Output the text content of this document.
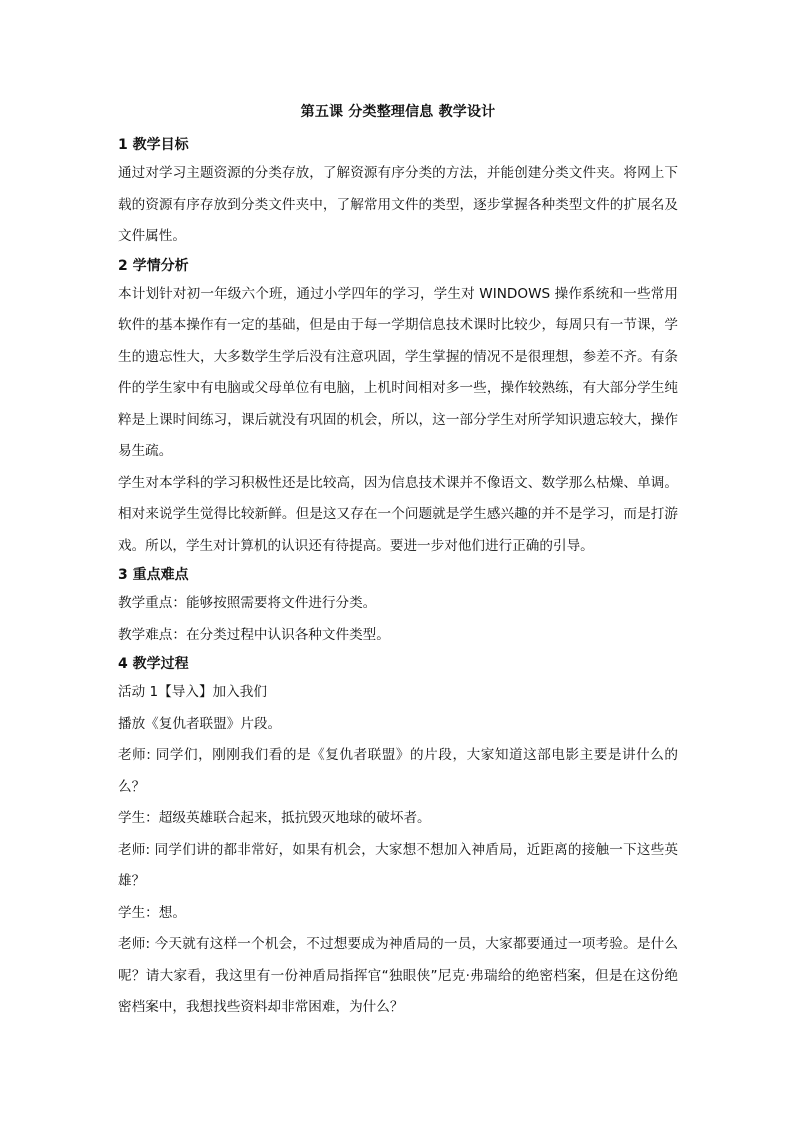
第五课 分类整理信息 教学设计
1 教学目标

通过对学习主题资源的分类存放，了解资源有序分类的方法，并能创建分类文件夹。将网上下载的资源有序存放到分类文件夹中，了解常用文件的类型，逐步掌握各种类型文件的扩展名及文件属性。

2 学情分析

本计划针对初一年级六个班，通过小学四年的学习，学生对 WINDOWS 操作系统和一些常用软件的基本操作有一定的基础，但是由于每一学期信息技术课时比较少，每周只有一节课，学生的遗忘性大，大多数学生学后没有注意巩固，学生掌握的情况不是很理想，参差不齐。有条件的学生家中有电脑或父母单位有电脑，上机时间相对多一些，操作较熟练，有大部分学生纯粹是上课时间练习，课后就没有巩固的机会，所以，这一部分学生对所学知识遗忘较大，操作易生疏。

学生对本学科的学习积极性还是比较高，因为信息技术课并不像语文、数学那么枯燥、单调。相对来说学生觉得比较新鲜。但是这又存在一个问题就是学生感兴趣的并不是学习，而是打游戏。所以，学生对计算机的认识还有待提高。要进一步对他们进行正确的引导。

3 重点难点

教学重点：能够按照需要将文件进行分类。

教学难点：在分类过程中认识各种文件类型。

4 教学过程

活动 1【导入】加入我们

播放《复仇者联盟》片段。

老师: 同学们，刚刚我们看的是《复仇者联盟》的片段，大家知道这部电影主要是讲什么的么？

学生：超级英雄联合起来，抵抗毁灭地球的破坏者。

老师: 同学们讲的都非常好，如果有机会，大家想不想加入神盾局，近距离的接触一下这些英雄？

学生：想。

老师: 今天就有这样一个机会，不过想要成为神盾局的一员，大家都要通过一项考验。是什么呢？请大家看，我这里有一份神盾局指挥官“独眼侠”尼克·弗瑞给的绝密档案，但是在这份绝密档案中，我想找些资料却非常困难，为什么？
